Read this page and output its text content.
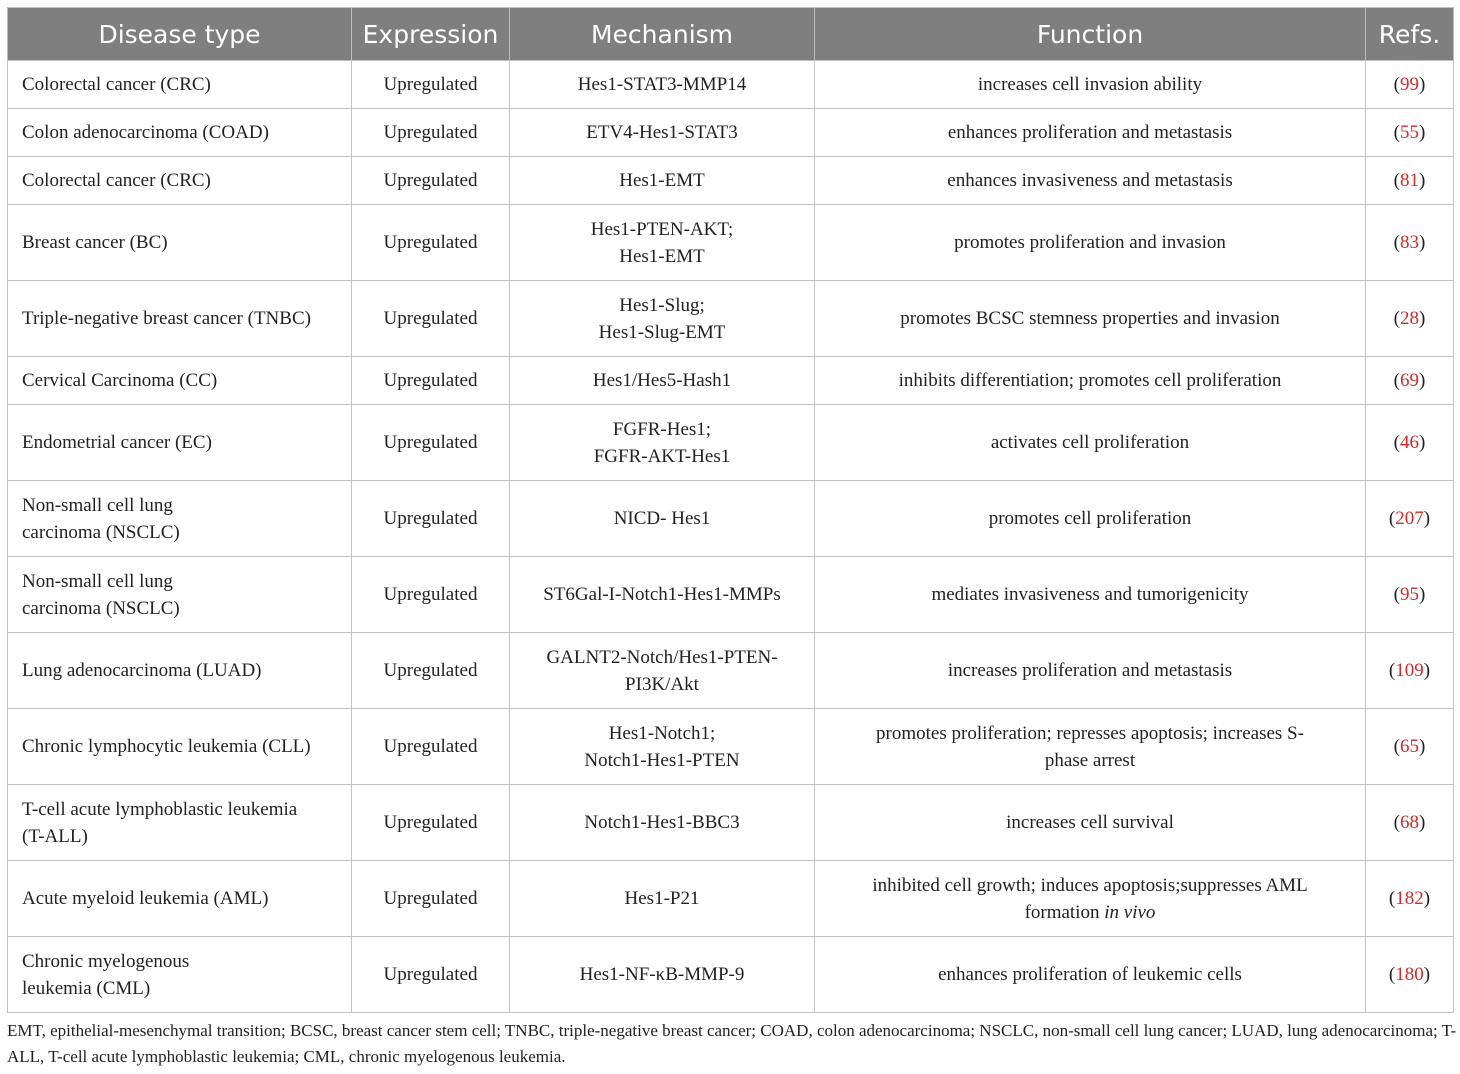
Disease type	Expression	Mechanism	Function	Refs.

Colorectal cancer (CRC)	Upregulated	Hes1-STAT3-MMP14	increases cell invasion ability	(99)

Colon adenocarcinoma (COAD)	Upregulated	ETV4-Hes1-STAT3	enhances proliferation and metastasis	(55)

Colorectal cancer (CRC)	Upregulated	Hes1-EMT	enhances invasiveness and metastasis	(81)

Breast cancer (BC)	Upregulated	Hes1-PTEN-AKT;
Hes1-EMT	promotes proliferation and invasion	(83)

Triple-negative breast cancer (TNBC)	Upregulated	Hes1-Slug;
Hes1-Slug-EMT	promotes BCSC stemness properties and invasion	(28)

Cervical Carcinoma (CC)	Upregulated	Hes1/Hes5-Hash1	inhibits differentiation; promotes cell proliferation	(69)

Endometrial cancer (EC)	Upregulated	FGFR-Hes1;
FGFR-AKT-Hes1	activates cell proliferation	(46)

Non-small cell lung
carcinoma (NSCLC)	Upregulated	NICD- Hes1	promotes cell proliferation	(207)

Non-small cell lung
carcinoma (NSCLC)	Upregulated	ST6Gal-I-Notch1-Hes1-MMPs	mediates invasiveness and tumorigenicity	(95)

Lung adenocarcinoma (LUAD)	Upregulated	GALNT2-Notch/Hes1-PTEN-
PI3K/Akt	increases proliferation and metastasis	(109)

Chronic lymphocytic leukemia (CLL)	Upregulated	Hes1-Notch1;
Notch1-Hes1-PTEN	promotes proliferation; represses apoptosis; increases S-
phase arrest	(65)

T-cell acute lymphoblastic leukemia
(T-ALL)	Upregulated	Notch1-Hes1-BBC3	increases cell survival	(68)

Acute myeloid leukemia (AML)	Upregulated	Hes1-P21	inhibited cell growth; induces apoptosis;suppresses AML
formation in vivo	(182)

Chronic myelogenous
leukemia (CML)	Upregulated	Hes1-NF-κB-MMP-9	enhances proliferation of leukemic cells	(180)
EMT, epithelial-mesenchymal transition; BCSC, breast cancer stem cell; TNBC, triple-negative breast cancer; COAD, colon adenocarcinoma; NSCLC, non-small cell lung cancer; LUAD, lung adenocarcinoma; T-ALL, T-cell acute lymphoblastic leukemia; CML, chronic myelogenous leukemia.
